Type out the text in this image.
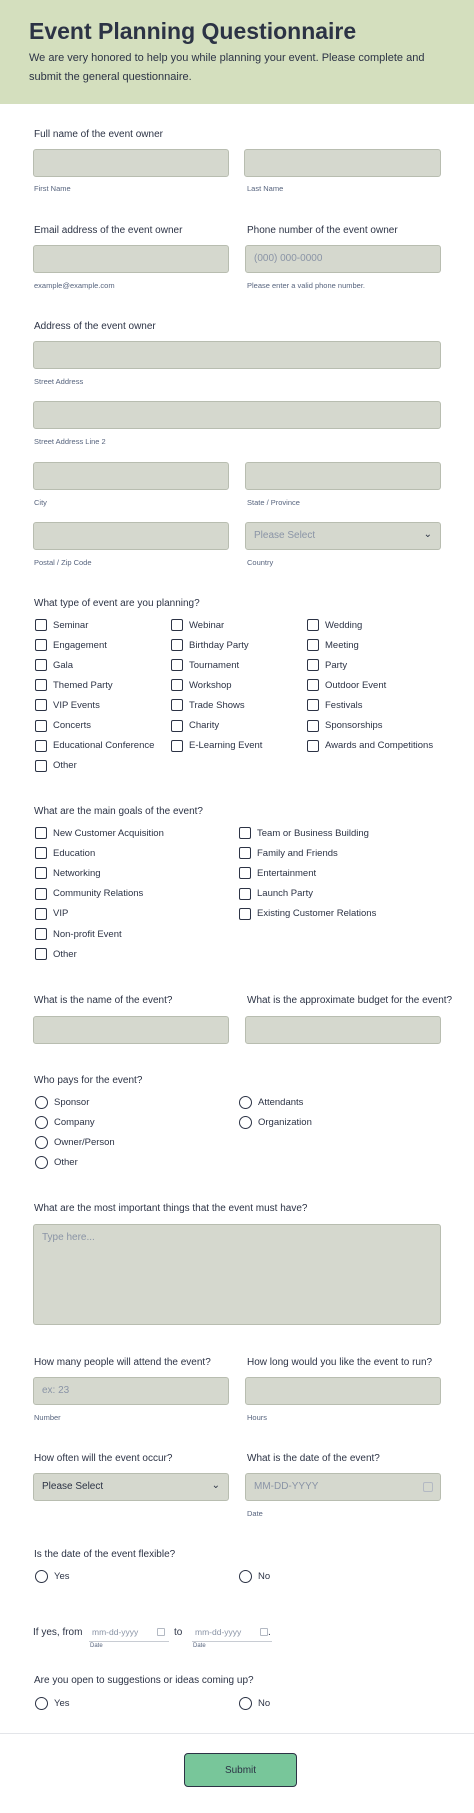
Event Planning Questionnaire
We are very honored to help you while planning your event. Please complete and submit the general questionnaire.
Full name of the event owner
First Name	Last Name
Email address of the event owner	Phone number of the event owner
(000) 000-0000
example@example.com	Please enter a valid phone number.
Address of the event owner
Street Address
Street Address Line 2
City	State / Province
Please Select	⌄
Postal / Zip Code	Country
What type of event are you planning?
Seminar
Engagement
Gala
Themed Party
VIP Events
Concerts
Educational Conference
Other
Webinar
Birthday Party
Tournament
Workshop
Trade Shows
Charity
E-Learning Event
Wedding
Meeting
Party
Outdoor Event
Festivals
Sponsorships
Awards and Competitions
What are the main goals of the event?
New Customer Acquisition
Education
Networking
Community Relations
VIP
Non-profit Event
Other
Team or Business Building
Family and Friends
Entertainment
Launch Party
Existing Customer Relations
What is the name of the event?	What is the approximate budget for the event?
Who pays for the event?
Sponsor
Company
Owner/Person
Other
Attendants
Organization
What are the most important things that the event must have?
Type here...
How many people will attend the event?	How long would you like the event to run?
ex: 23
Number	Hours
How often will the event occur?	What is the date of the event?
Please Select	⌄	MM-DD-YYYY
Date
Is the date of the event flexible?
Yes	No
If yes, from mm-dd-yyyy
Date
to mm-dd-yyyy
Date
.
Are you open to suggestions or ideas coming up?
Yes	No
Submit
